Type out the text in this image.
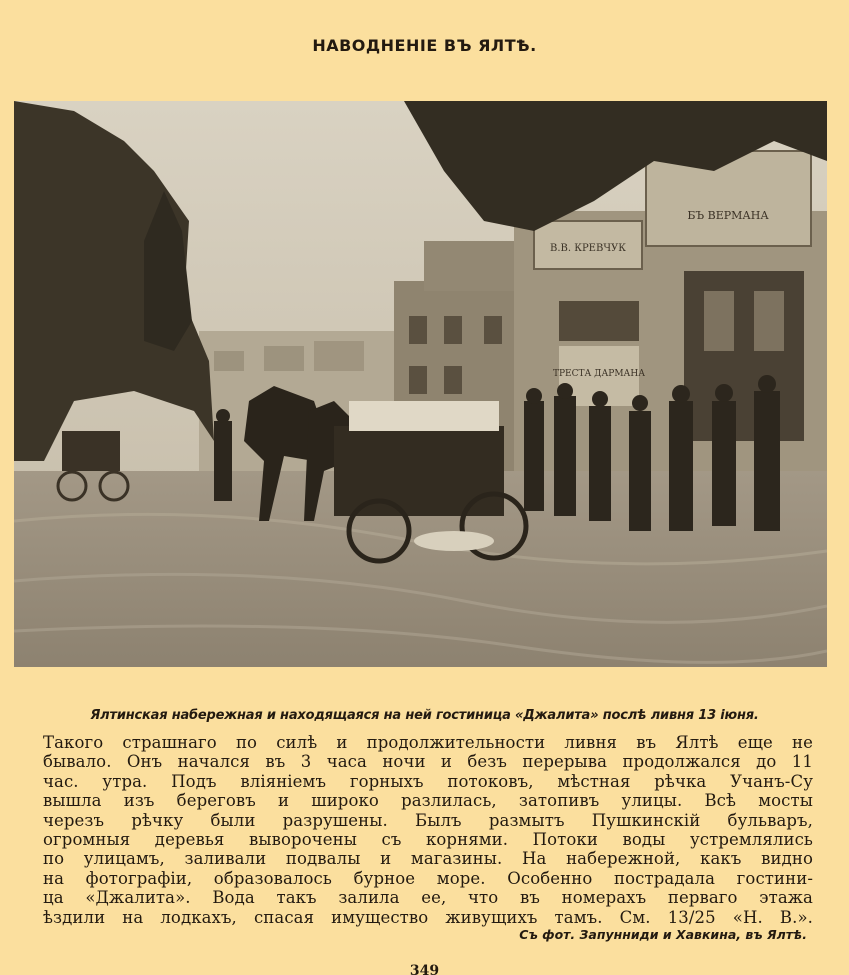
НАВОДНЕНІЕ ВЪ ЯЛТѢ.
В.В. КРЕВЧУК
БЪ ВЕРМАНА
ТРЕСТА ДАРМАНА
Ялтинская набережная и находящаяся на ней гостиница «Джалита» послѣ ливня 13 іюня.
Такого страшнаго по силѣ и продолжительности ливня въ Ялтѣ еще не
бывало. Онъ начался въ 3 часа ночи и безъ перерыва продолжался до 11
час. утра. Подъ вліяніемъ горныхъ потоковъ, мѣстная рѣчка Учанъ-Су
вышла изъ береговъ и широко разлилась, затопивъ улицы. Всѣ мосты
черезъ рѣчку были разрушены. Былъ размытъ Пушкинскій бульваръ,
огромныя деревья выворочены съ корнями. Потоки воды устремлялись
по улицамъ, заливали подвалы и магазины. На набережной, какъ видно
на фотографіи, образовалось бурное море. Особенно пострадала гостини-
ца «Джалита». Вода такъ залила ее, что въ номерахъ перваго этажа
ѣздили на лодкахъ, спасая имущество живущихъ тамъ. См. 13/25 «Н. В.».
Съ фот. Запунниди и Хавкина, въ Ялтѣ.
349
